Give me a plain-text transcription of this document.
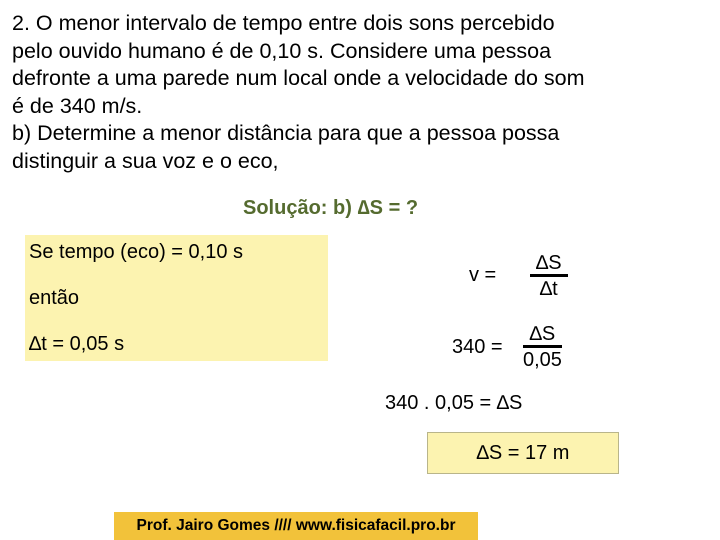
2. O menor intervalo de tempo entre dois sons percebido
pelo ouvido humano é de 0,10 s. Considere uma pessoa
defronte a uma parede num local onde a velocidade do som
é de 340 m/s.
b) Determine a menor distância para que a pessoa possa
distinguir a sua voz e o eco,
Solução: b) ∆S = ?
Se tempo (eco) = 0,10 s
então
∆t = 0,05 s
v =
∆S
∆t
340 =
∆S
0,05
340 . 0,05 = ∆S
∆S = 17 m
Prof. Jairo Gomes //// www.fisicafacil.pro.br
